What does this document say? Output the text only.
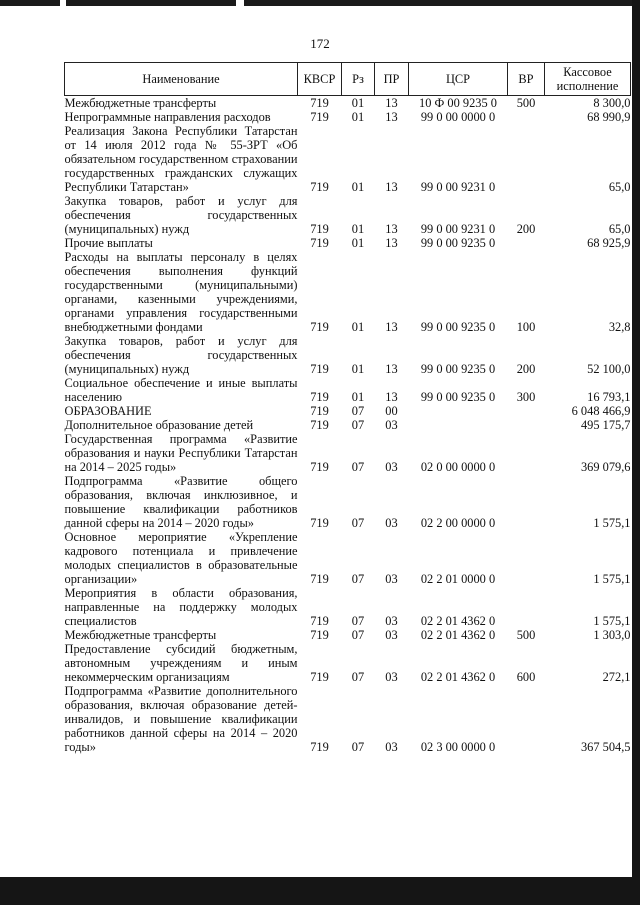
172
Наименование	КВСР	Рз	ПР	ЦСР	ВР	Кассовое исполнение
Межбюджетные трансферты	719	01	13	10 Ф 00 9235 0	500	8 300,0
Непрограммные направления расходов	719	01	13	99 0 00 0000 0		68 990,9
Реализация Закона Республики Татарстан от 14 июля 2012 года № 55-ЗРТ «Об обязательном государственном страховании государственных гражданских служащих Республики Татарстан»	719	01	13	99 0 00 9231 0		65,0
Закупка товаров, работ и услуг для обеспечения государственных (муниципальных) нужд	719	01	13	99 0 00 9231 0	200	65,0
Прочие выплаты	719	01	13	99 0 00 9235 0		68 925,9
Расходы на выплаты персоналу в целях обеспечения выполнения функций государственными (муниципальными) органами, казенными учреждениями, органами управления государственными внебюджетными фондами	719	01	13	99 0 00 9235 0	100	32,8
Закупка товаров, работ и услуг для обеспечения государственных (муниципальных) нужд	719	01	13	99 0 00 9235 0	200	52 100,0
Социальное обеспечение и иные выплаты населению	719	01	13	99 0 00 9235 0	300	16 793,1
ОБРАЗОВАНИЕ	719	07	00			6 048 466,9
Дополнительное образование детей	719	07	03			495 175,7
Государственная программа «Развитие образования и науки Республики Татарстан на 2014 – 2025 годы»	719	07	03	02 0 00 0000 0		369 079,6
Подпрограмма «Развитие общего образования, включая инклюзивное, и повышение квалификации работников данной сферы на 2014 – 2020 годы»	719	07	03	02 2 00 0000 0		1 575,1
Основное мероприятие «Укрепление кадрового потенциала и привлечение молодых специалистов в образовательные организации»	719	07	03	02 2 01 0000 0		1 575,1
Мероприятия в области образования, направленные на поддержку молодых специалистов	719	07	03	02 2 01 4362 0		1 575,1
Межбюджетные трансферты	719	07	03	02 2 01 4362 0	500	1 303,0
Предоставление субсидий бюджетным, автономным учреждениям и иным некоммерческим организациям	719	07	03	02 2 01 4362 0	600	272,1
Подпрограмма «Развитие дополнительного образования, включая образование детей-инвалидов, и повышение квалификации работников данной сферы на 2014 – 2020 годы»	719	07	03	02 3 00 0000 0		367 504,5
